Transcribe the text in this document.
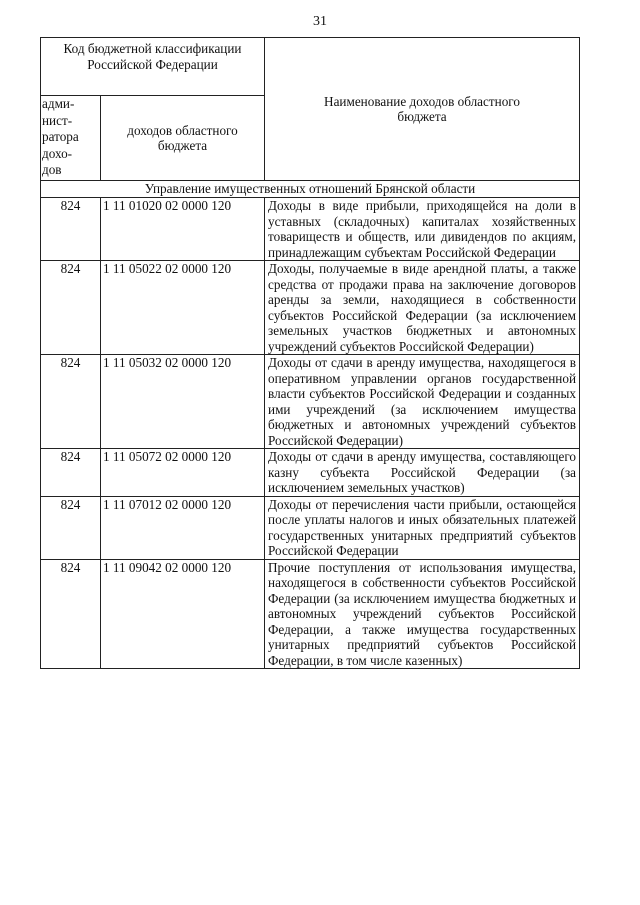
31
Код бюджетной классификации Российской Федерации		Наименование доходов областного бюджета

адми-
нист-
ратора
дохо-
дов	доходов областного бюджета	

Управление имущественных отношений Брянской области		
824	1 11 01020 02 0000 120	Доходы в виде прибыли, приходящейся на доли в уставных (складочных) капиталах хозяйственных товариществ и обществ, или дивидендов по акциям, принадлежащим субъектам Российской Федерации
824	1 11 05022 02 0000 120	Доходы, получаемые в виде арендной платы, а также средства от продажи права на заключение договоров аренды за земли, находящиеся в собственности субъектов Российской Федерации (за исключением земельных участков бюджетных и автономных учреждений субъектов Российской Федерации)
824	1 11 05032 02 0000 120	Доходы от сдачи в аренду имущества, находящегося в оперативном управлении органов государственной власти субъектов Российской Федерации и созданных ими учреждений (за исключением имущества бюджетных и автономных учреждений субъектов Российской Федерации)
824	1 11 05072 02 0000 120	Доходы от сдачи в аренду имущества, составляющего казну субъекта Российской Федерации (за исключением земельных участков)
824	1 11 07012 02 0000 120	Доходы от перечисления части прибыли, остающейся после уплаты налогов и иных обязательных платежей государственных унитарных предприятий субъектов Российской Федерации
824	1 11 09042 02 0000 120	Прочие поступления от использования имущества, находящегося в собственности субъектов Российской Федерации (за исключением имущества бюджетных и автономных учреждений субъектов Российской Федерации, а также имущества государственных унитарных предприятий субъектов Российской Федерации, в том числе казенных)
